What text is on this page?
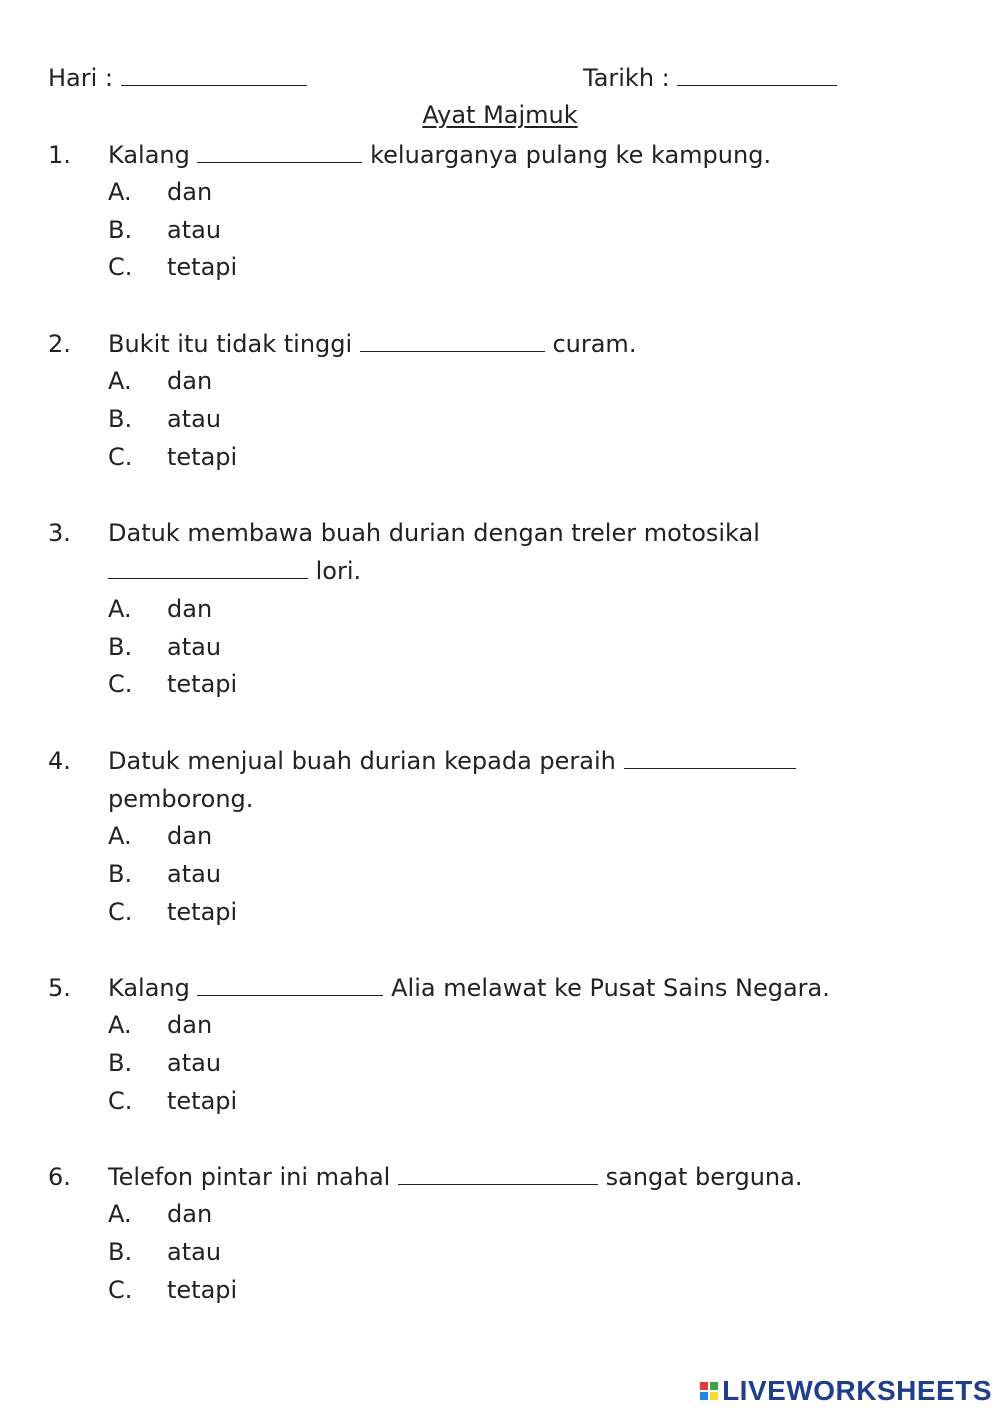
Hari :	Tarikh :
Ayat Majmuk
1. Kalang	keluarganya pulang ke kampung.
A. dan
B. atau
C. tetapi
2. Bukit itu tidak tinggi	curam.
A. dan
B. atau
C. tetapi
3. Datuk membawa buah durian dengan treler motosikal
lori.
A. dan
B. atau
C. tetapi
4. Datuk menjual buah durian kepada peraih
pemborong.
A. dan
B. atau
C. tetapi
5. Kalang	Alia melawat ke Pusat Sains Negara.
A. dan
B. atau
C. tetapi
6. Telefon pintar ini mahal	sangat berguna.
A. dan
B. atau
C. tetapi
LIVEWORKSHEETS
